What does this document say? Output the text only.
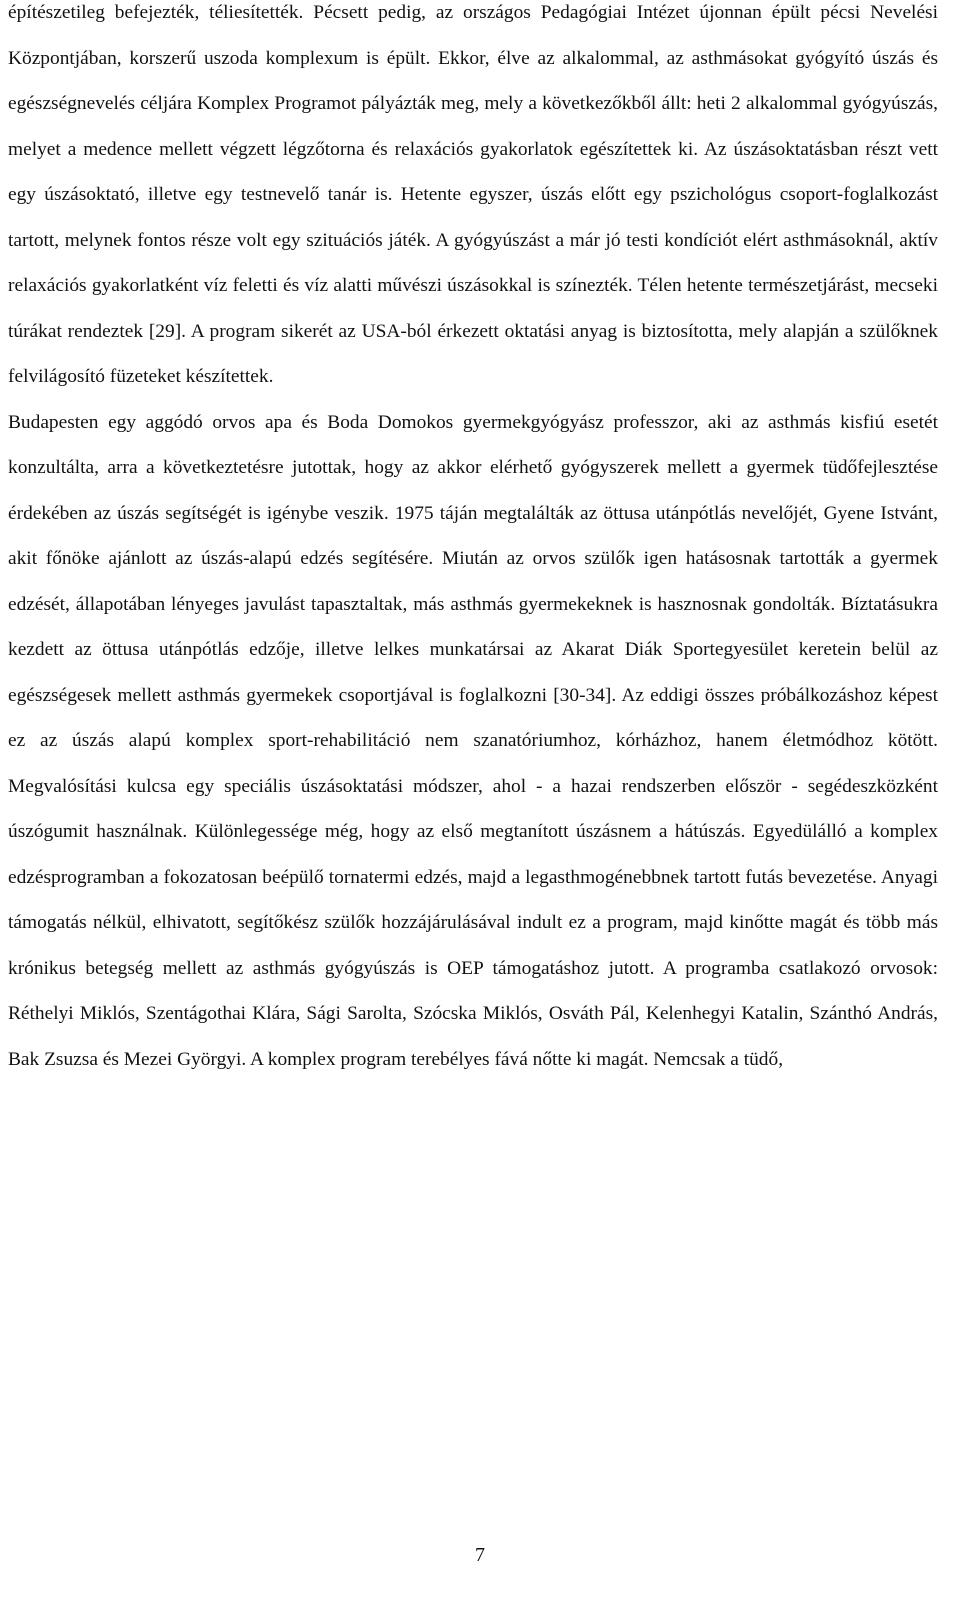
építészetileg befejezték, téliesítették. Pécsett pedig, az országos Pedagógiai Intézet újonnan épült pécsi Nevelési Központjában, korszerű uszoda komplexum is épült. Ekkor, élve az alkalommal, az asthmásokat gyógyító úszás és egészségnevelés céljára Komplex Programot pályázták meg, mely a következőkből állt: heti 2 alkalommal gyógyúszás, melyet a medence mellett végzett légzőtorna és relaxációs gyakorlatok egészítettek ki. Az úszásoktatásban részt vett egy úszásoktató, illetve egy testnevelő tanár is. Hetente egyszer, úszás előtt egy pszichológus csoport-foglalkozást tartott, melynek fontos része volt egy szituációs játék. A gyógyúszást a már jó testi kondíciót elért asthmásoknál, aktív relaxációs gyakorlatként víz feletti és víz alatti művészi úszásokkal is színezték. Télen hetente természetjárást, mecseki túrákat rendeztek [29]. A program sikerét az USA-ból érkezett oktatási anyag is biztosította, mely alapján a szülőknek felvilágosító füzeteket készítettek.

Budapesten egy aggódó orvos apa és Boda Domokos gyermekgyógyász professzor, aki az asthmás kisfiú esetét konzultálta, arra a következtetésre jutottak, hogy az akkor elérhető gyógyszerek mellett a gyermek tüdőfejlesztése érdekében az úszás segítségét is igénybe veszik. 1975 táján megtalálták az öttusa utánpótlás nevelőjét, Gyene Istvánt, akit főnöke ajánlott az úszás-alapú edzés segítésére. Miután az orvos szülők igen hatásosnak tartották a gyermek edzését, állapotában lényeges javulást tapasztaltak, más asthmás gyermekeknek is hasznosnak gondolták. Bíztatásukra kezdett az öttusa utánpótlás edzője, illetve lelkes munkatársai az Akarat Diák Sportegyesület keretein belül az egészségesek mellett asthmás gyermekek csoportjával is foglalkozni [30-34]. Az eddigi összes próbálkozáshoz képest ez az úszás alapú komplex sport-rehabilitáció nem szanatóriumhoz, kórházhoz, hanem életmódhoz kötött. Megvalósítási kulcsa egy speciális úszásoktatási módszer, ahol - a hazai rendszerben először - segédeszközként úszógumit használnak. Különlegessége még, hogy az első megtanított úszásnem a hátúszás. Egyedülálló a komplex edzésprogramban a fokozatosan beépülő tornatermi edzés, majd a legasthmogénebbnek tartott futás bevezetése. Anyagi támogatás nélkül, elhivatott, segítőkész szülők hozzájárulásával indult ez a program, majd kinőtte magát és több más krónikus betegség mellett az asthmás gyógyúszás is OEP támogatáshoz jutott. A programba csatlakozó orvosok: Réthelyi Miklós, Szentágothai Klára, Sági Sarolta, Szócska Miklós, Osváth Pál, Kelenhegyi Katalin, Szánthó András, Bak Zsuzsa és Mezei Györgyi. A komplex program terebélyes fává nőtte ki magát. Nemcsak a tüdő,

7
